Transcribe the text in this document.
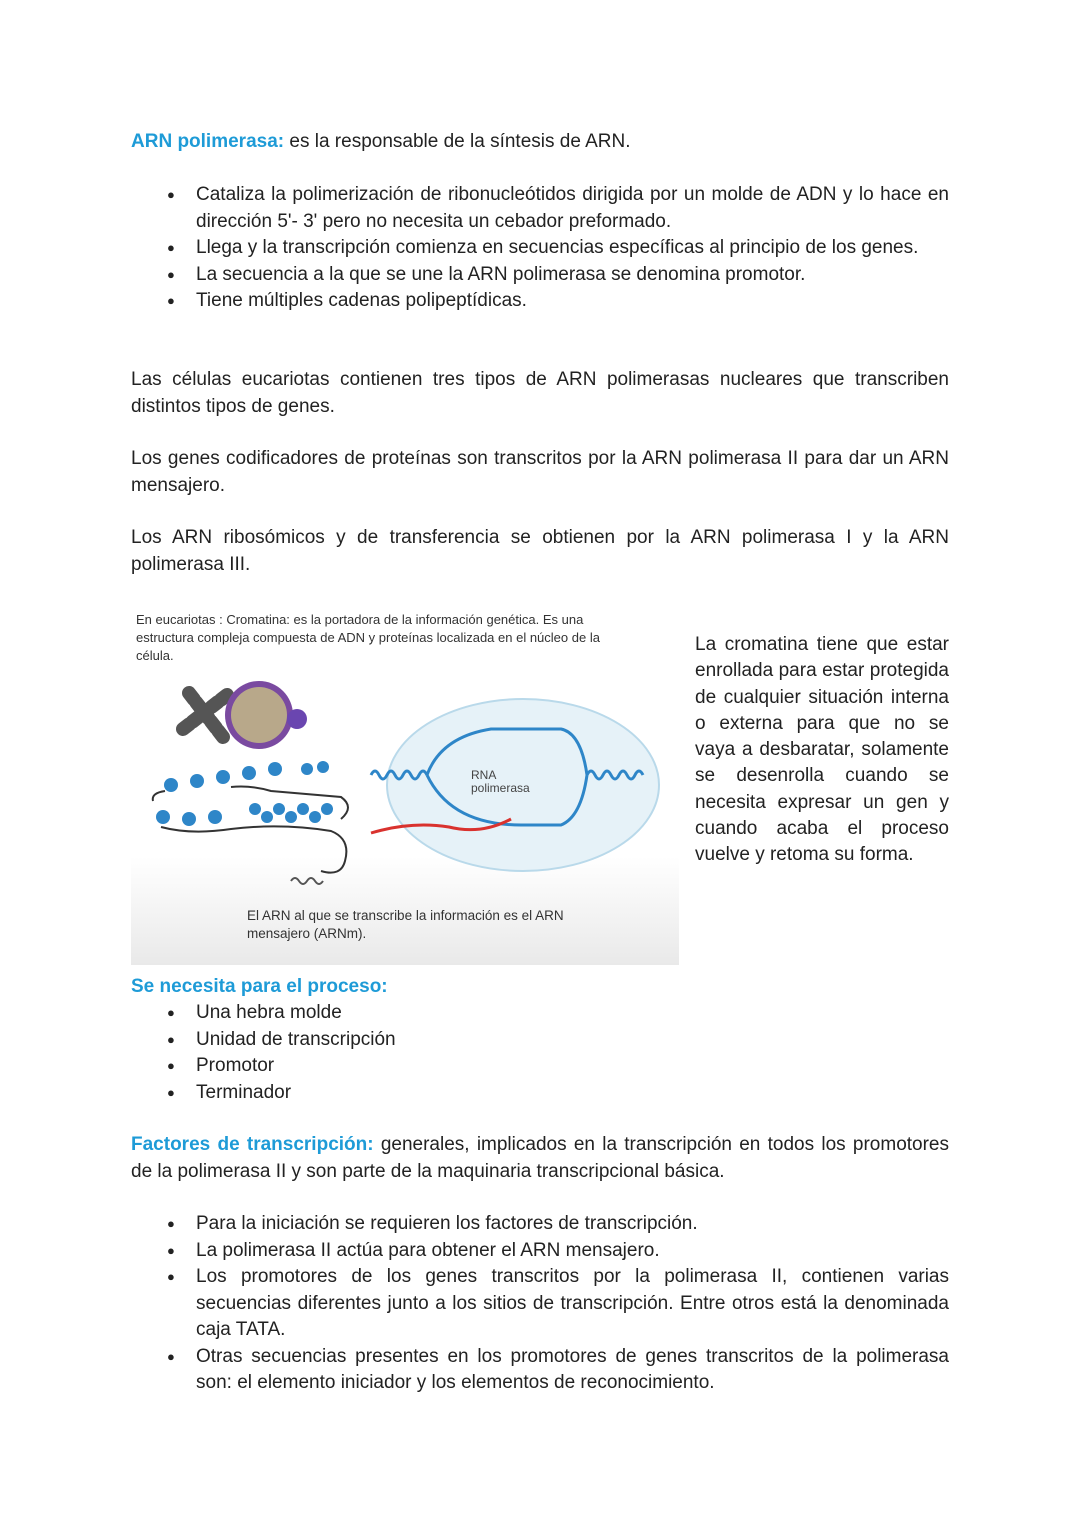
ARN polimerasa: es la responsable de la síntesis de ARN.

● Cataliza la polimerización de ribonucleótidos dirigida por un molde de ADN y lo hace en dirección 5'- 3' pero no necesita un cebador preformado.
● Llega y la transcripción comienza en secuencias específicas al principio de los genes.
● La secuencia a la que se une la ARN polimerasa se denomina promotor.
● Tiene múltiples cadenas polipeptídicas.

Las células eucariotas contienen tres tipos de ARN polimerasas nucleares que transcriben distintos tipos de genes.

Los genes codificadores de proteínas son transcritos por la ARN polimerasa II para dar un ARN mensajero.

Los ARN ribosómicos y de transferencia se obtienen por la ARN polimerasa I y la ARN polimerasa III.

En eucariotas : Cromatina: es la portadora de la información genética. Es una estructura compleja compuesta de ADN y proteínas localizada en el núcleo de la célula.
RNA
polimerasa
El ARN al que se transcribe la información es el ARN mensajero (ARNm).

La cromatina tiene que estar enrollada para estar protegida de cualquier situación interna o externa para que no se vaya a desbaratar, solamente se desenrolla cuando se necesita expresar un gen y cuando acaba el proceso vuelve y retoma su forma.

Se necesita para el proceso:
● Una hebra molde
● Unidad de transcripción
● Promotor
● Terminador

Factores de transcripción: generales, implicados en la transcripción en todos los promotores de la polimerasa II y son parte de la maquinaria transcripcional básica.

● Para la iniciación se requieren los factores de transcripción.
● La polimerasa II actúa para obtener el ARN mensajero.
● Los promotores de los genes transcritos por la polimerasa II, contienen varias secuencias diferentes junto a los sitios de transcripción. Entre otros está la denominada caja TATA.
● Otras secuencias presentes en los promotores de genes transcritos de la polimerasa son: el elemento iniciador y los elementos de reconocimiento.
